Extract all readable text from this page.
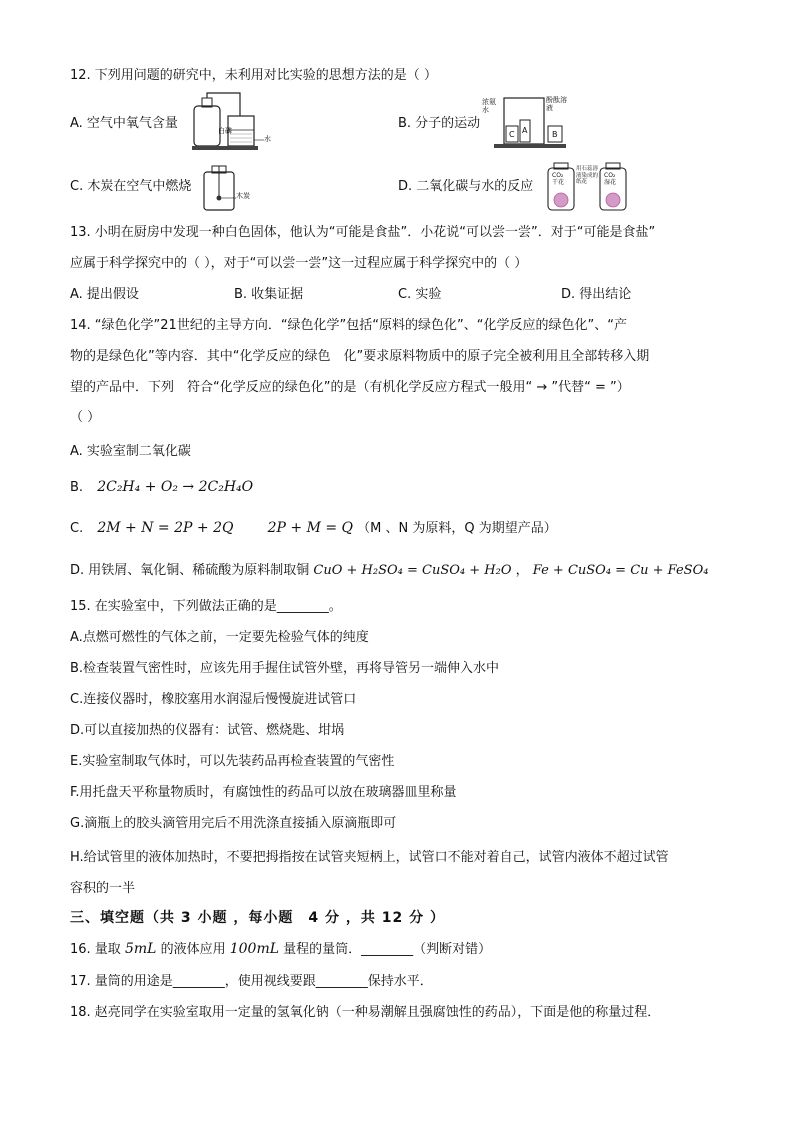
12. 下列用问题的研究中，未利用对比实验的思想方法的是（ ）
A. 空气中氧气含量	白磷
水
B. 分子的运动
浓氨水
酚酞溶液
C A	B
C. 木炭在空气中燃烧
木炭
D. 二氧化碳与水的反应
CO₂ 干花
用石蕊溶液染成的纸花
CO₂ 湿花
13. 小明在厨房中发现一种白色固体，他认为“可能是食盐”．小花说“可以尝一尝”．对于“可能是食盐”
应属于科学探究中的（ ），对于“可以尝一尝”这一过程应属于科学探究中的（ ）
A. 提出假设	B. 收集证据	C. 实验	D. 得出结论
14. “绿色化学”21世纪的主导方向．“绿色化学”包括“原料的绿色化”、“化学反应的绿色化”、“产
物的是绿色化”等内容．其中“化学反应的绿色　化”要求原料物质中的原子完全被利用且全部转移入期
望的产品中．下列　符合“化学反应的绿色化”的是（有机化学反应方程式一般用“ → ”代替“ = ”）
（ ）
A. 实验室制二氧化碳
B. 2C₂H₄ + O₂ → 2C₂H₄O
C. 2M + N = 2P + 2Q 2P + M = Q （M 、N 为原料，Q 为期望产品）
D. 用铁屑、氧化铜、稀硫酸为原料制取铜 CuO + H₂SO₄ = CuSO₄ + H₂O ， Fe + CuSO₄ = Cu + FeSO₄
15. 在实验室中，下列做法正确的是________。
A.点燃可燃性的气体之前，一定要先检验气体的纯度
B.检查装置气密性时，应该先用手握住试管外壁，再将导管另一端伸入水中
C.连接仪器时，橡胶塞用水润湿后慢慢旋进试管口
D.可以直接加热的仪器有：试管、燃烧匙、坩埚
E.实验室制取气体时，可以先装药品再检查装置的气密性
F.用托盘天平称量物质时，有腐蚀性的药品可以放在玻璃器皿里称量
G.滴瓶上的胶头滴管用完后不用洗涤直接插入原滴瓶即可
H.给试管里的液体加热时，不要把拇指按在试管夹短柄上，试管口不能对着自己，试管内液体不超过试管
容积的一半
三、填空题（共 3 小题 ，每小题　4 分 ，共 12 分 ）
16. 量取 5mL 的液体应用 100mL 量程的量筒．________（判断对错）
17. 量筒的用途是________，使用视线要跟________保持水平．
18. 赵亮同学在实验室取用一定量的氢氧化钠（一种易潮解且强腐蚀性的药品），下面是他的称量过程．
